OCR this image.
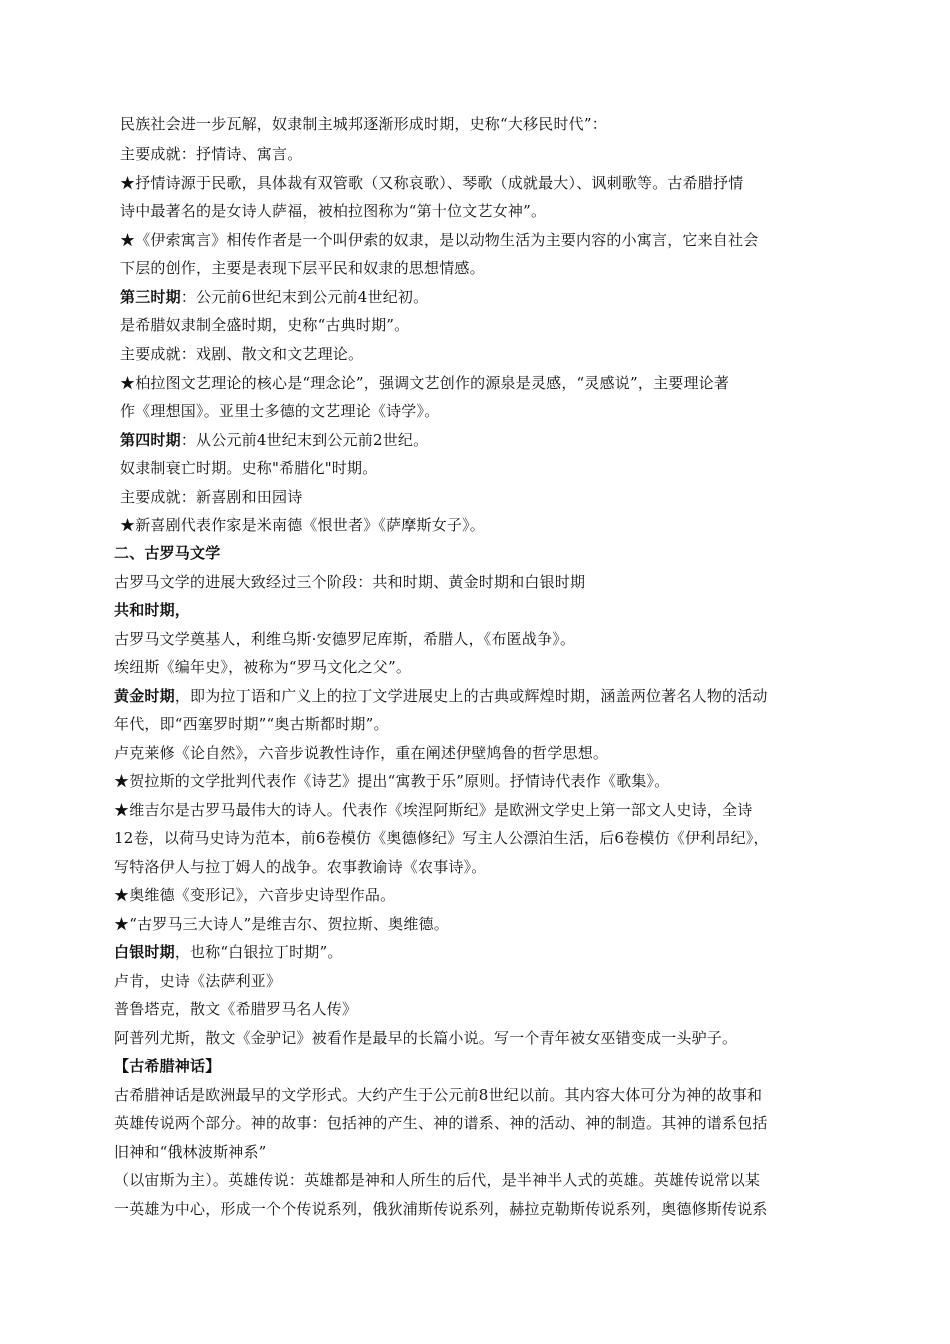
民族社会进一步瓦解，奴隶制主城邦逐渐形成时期，史称“大移民时代”：
主要成就：抒情诗、寓言。
★抒情诗源于民歌，具体裁有双管歌（又称哀歌）、琴歌（成就最大）、讽刺歌等。古希腊抒情
诗中最著名的是女诗人萨福，被柏拉图称为“第十位文艺女神”。
★《伊索寓言》相传作者是一个叫伊索的奴隶，是以动物生活为主要内容的小寓言，它来自社会
下层的创作，主要是表现下层平民和奴隶的思想情感。
第三时期：公元前6世纪末到公元前4世纪初。
是希腊奴隶制全盛时期，史称“古典时期”。
主要成就：戏剧、散文和文艺理论。
★柏拉图文艺理论的核心是“理念论”，强调文艺创作的源泉是灵感，“灵感说”，主要理论著
作《理想国》。亚里士多德的文艺理论《诗学》。
第四时期：从公元前4世纪末到公元前2世纪。
奴隶制衰亡时期。史称"希腊化"时期。
主要成就：新喜剧和田园诗
★新喜剧代表作家是米南德《恨世者》《萨摩斯女子》。
二、古罗马文学
古罗马文学的进展大致经过三个阶段：共和时期、黄金时期和白银时期
共和时期，
古罗马文学奠基人，利维乌斯·安德罗尼库斯，希腊人，《布匿战争》。
埃纽斯《编年史》，被称为“罗马文化之父”。
黄金时期，即为拉丁语和广义上的拉丁文学进展史上的古典或辉煌时期，涵盖两位著名人物的活动
年代，即“西塞罗时期”“奥古斯都时期”。
卢克莱修《论自然》，六音步说教性诗作，重在阐述伊壁鸠鲁的哲学思想。
★贺拉斯的文学批判代表作《诗艺》提出“寓教于乐”原则。抒情诗代表作《歌集》。
★维吉尔是古罗马最伟大的诗人。代表作《埃涅阿斯纪》是欧洲文学史上第一部文人史诗，全诗
12卷，以荷马史诗为范本，前6卷模仿《奥德修纪》写主人公漂泊生活，后6卷模仿《伊利昂纪》，
写特洛伊人与拉丁姆人的战争。农事教谕诗《农事诗》。
★奥维德《变形记》，六音步史诗型作品。
★“古罗马三大诗人”是维吉尔、贺拉斯、奥维德。
白银时期，也称“白银拉丁时期”。
卢肯，史诗《法萨利亚》
普鲁塔克，散文《希腊罗马名人传》
阿普列尤斯，散文《金驴记》被看作是最早的长篇小说。写一个青年被女巫错变成一头驴子。
【古希腊神话】
古希腊神话是欧洲最早的文学形式。大约产生于公元前8世纪以前。其内容大体可分为神的故事和
英雄传说两个部分。神的故事：包括神的产生、神的谱系、神的活动、神的制造。其神的谱系包括
旧神和“俄林波斯神系”
（以宙斯为主）。英雄传说：英雄都是神和人所生的后代，是半神半人式的英雄。英雄传说常以某
一英雄为中心，形成一个个传说系列，俄狄浦斯传说系列，赫拉克勒斯传说系列，奥德修斯传说系
